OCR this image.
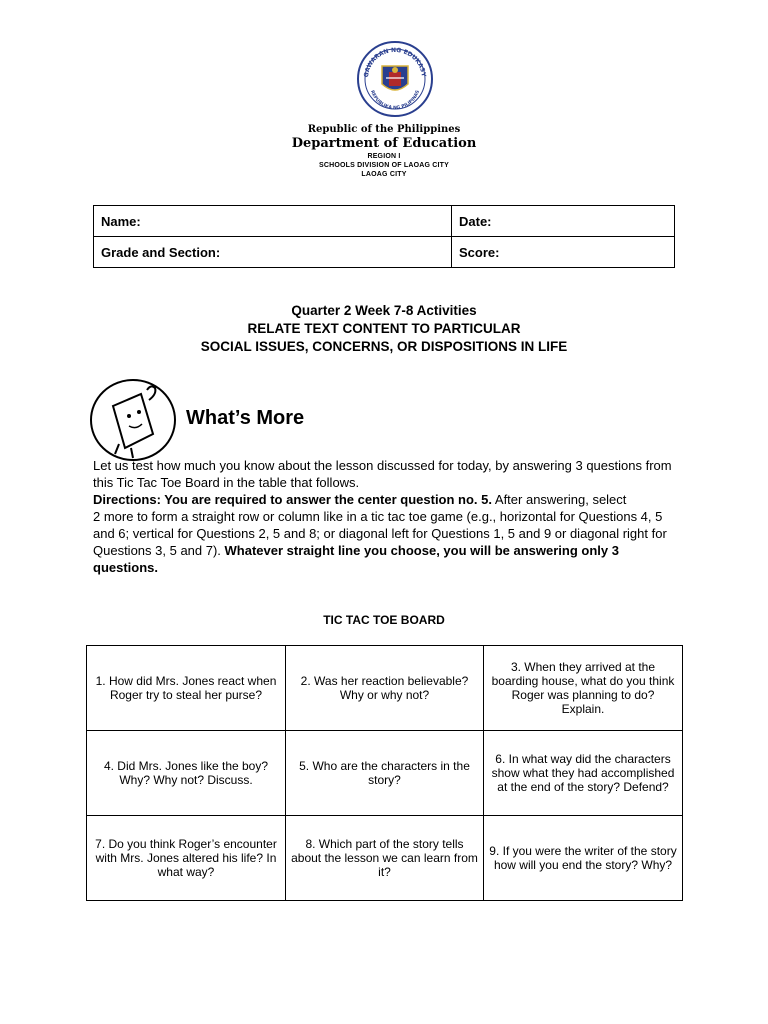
GAWARAN NG EDUKASY
REPUBLIKA NG PILIPINAS
Republic of the Philippines
Department of Education
REGION I
SCHOOLS DIVISION OF LAOAG CITY
LAOAG CITY
Name:	Date:
Grade and Section:	Score:
Quarter 2 Week 7-8 Activities
RELATE TEXT CONTENT TO PARTICULAR
SOCIAL ISSUES, CONCERNS, OR DISPOSITIONS IN LIFE
What’s More
Let us test how much you know about the lesson discussed for today, by answering 3 questions from this Tic Tac Toe Board in the table that follows.
Directions: You are required to answer the center question no. 5. After answering, select
2 more to form a straight row or column like in a tic tac toe game (e.g., horizontal for Questions 4, 5 and 6; vertical for Questions 2, 5 and 8; or diagonal left for Questions 1, 5 and 9 or diagonal right for Questions 3, 5 and 7). Whatever straight line you choose, you will be answering only 3 questions.
TIC TAC TOE BOARD
1. How did Mrs. Jones react when Roger try to steal her purse?	2. Was her reaction believable? Why or why not?	3. When they arrived at the boarding house, what do you think Roger was planning to do? Explain.
4. Did Mrs. Jones like the boy? Why? Why not? Discuss.	5. Who are the characters in the story?	6. In what way did the characters show what they had accomplished at the end of the story? Defend?
7. Do you think Roger’s encounter with Mrs. Jones altered his life? In what way?	8. Which part of the story tells about the lesson we can learn from it?	9. If you were the writer of the story how will you end the story? Why?
